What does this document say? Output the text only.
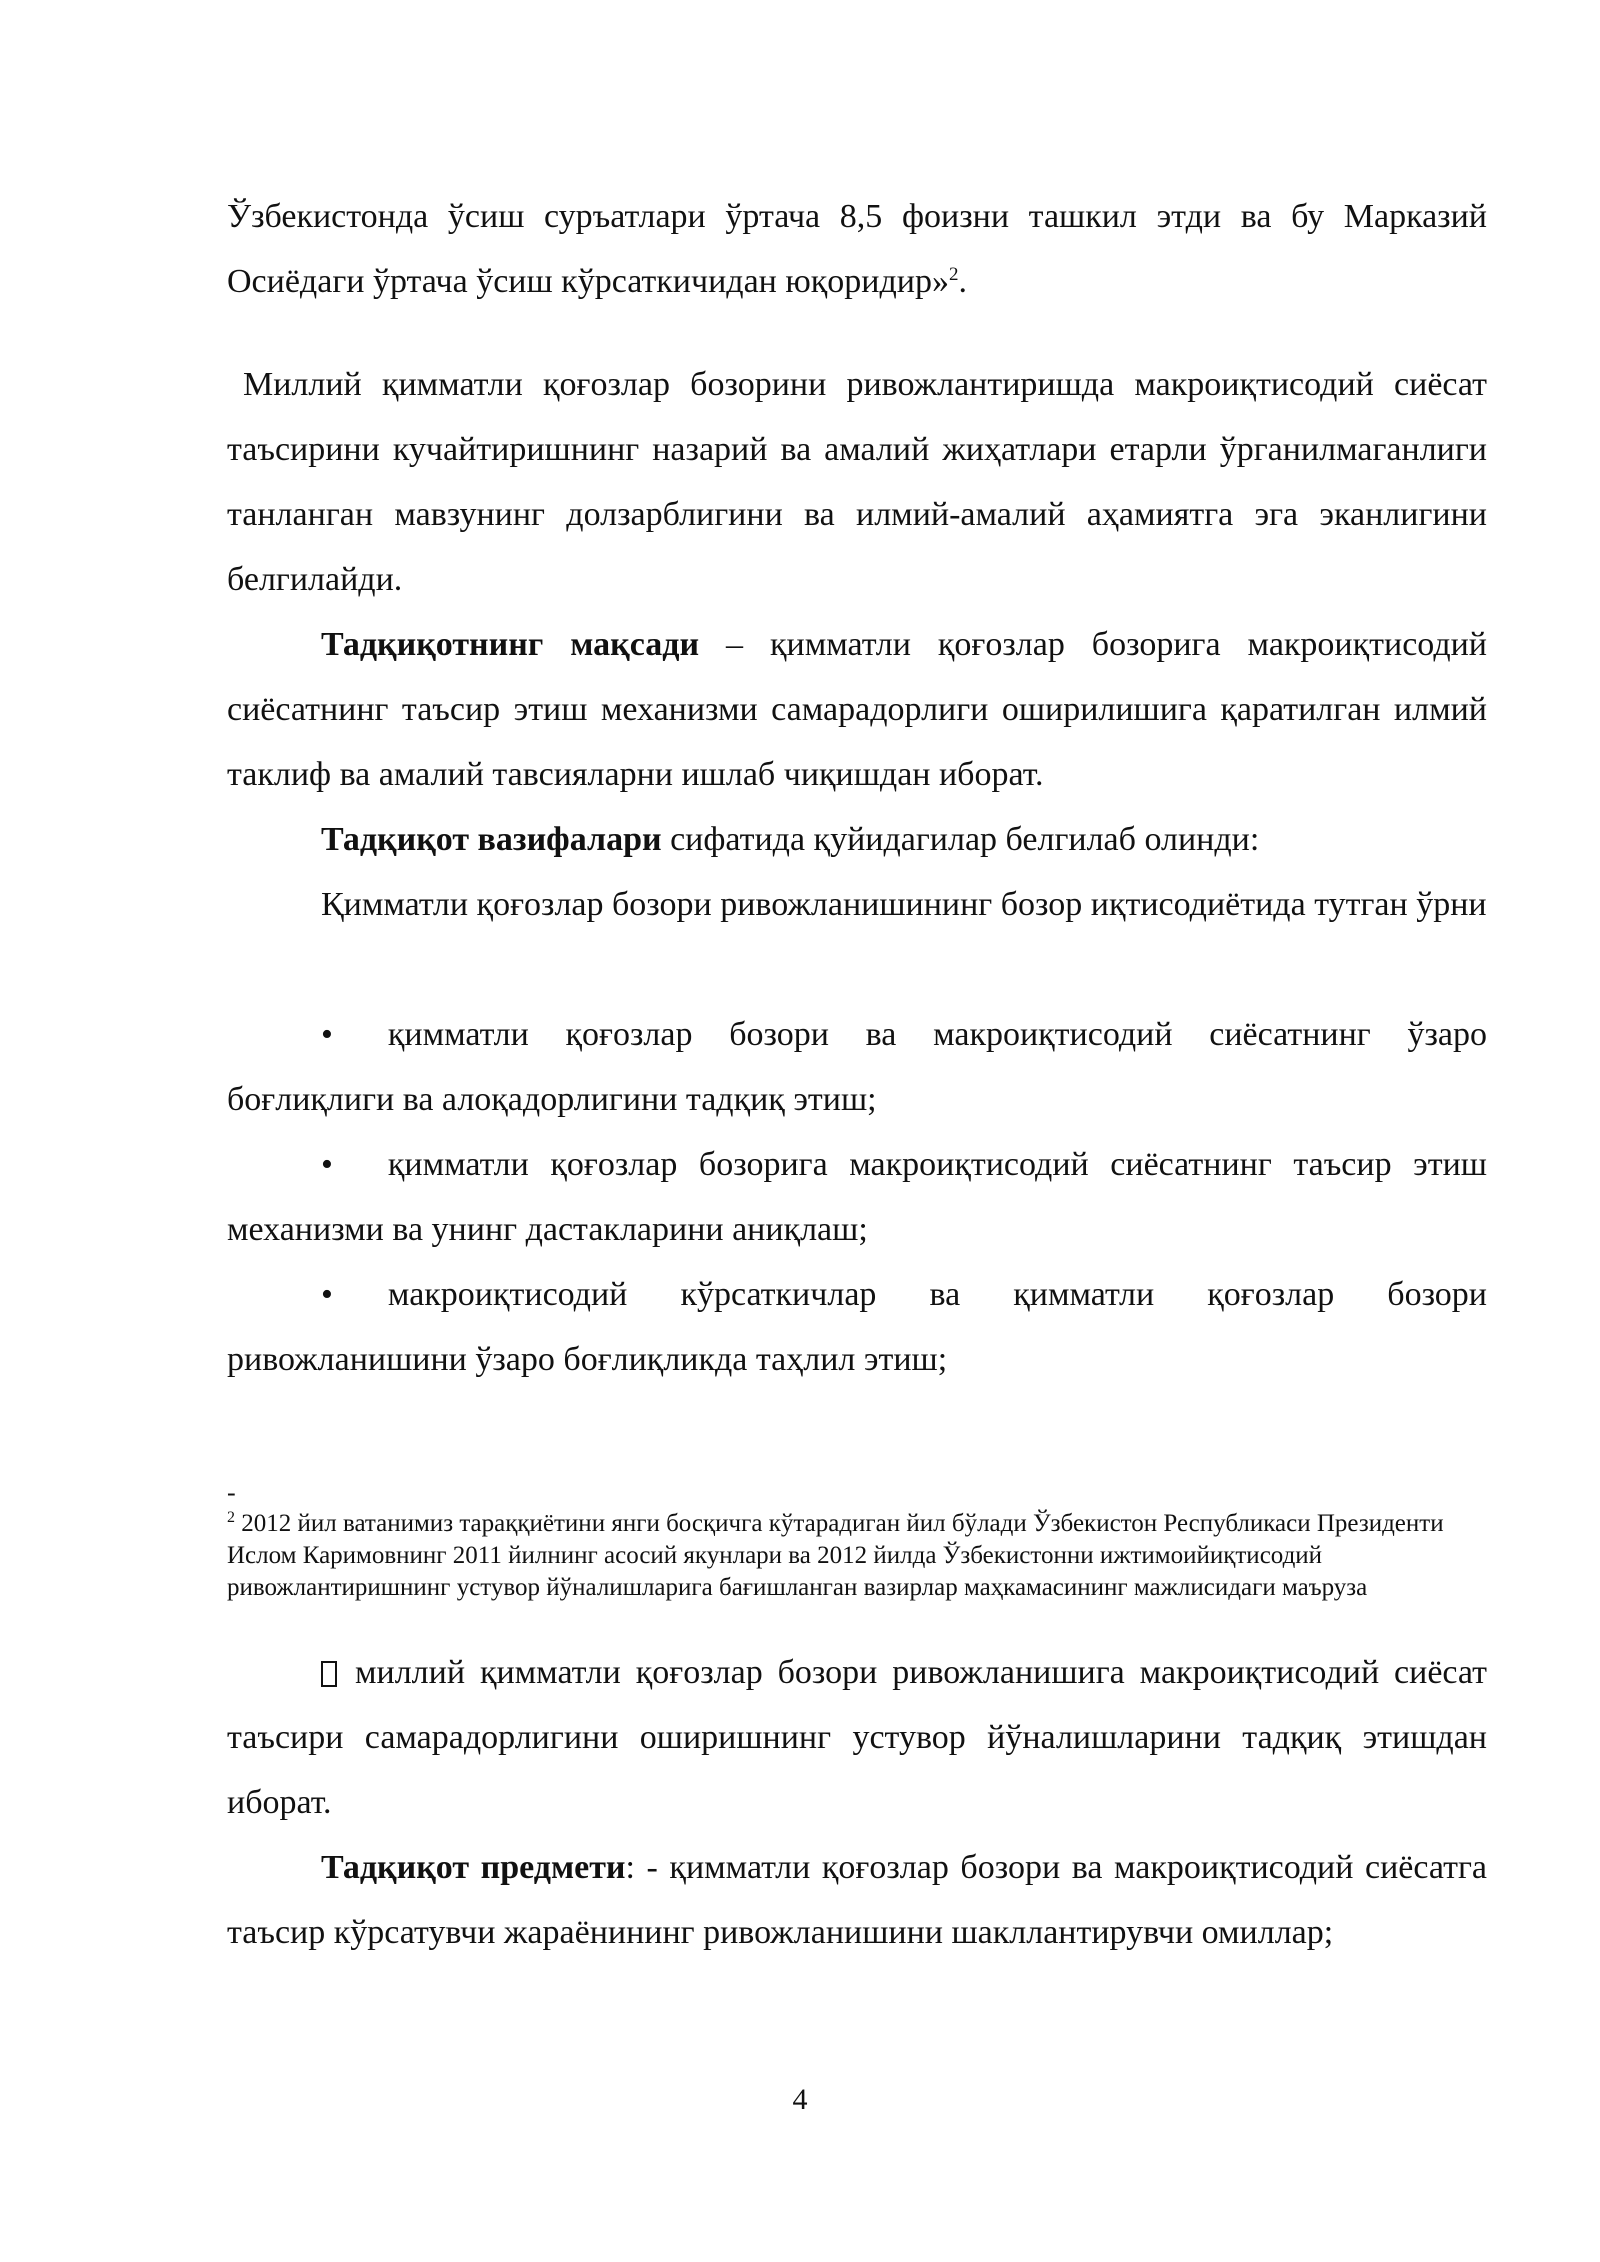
Ўзбекистонда ўсиш суръатлари ўртача 8,5 фоизни ташкил этди ва бу Марказий Осиёдаги ўртача ўсиш кўрсаткичидан юқоридир»$^2$.

Миллий қимматли қоғозлар бозорини ривожлантиришда макроиқтисодий сиёсат таъсирини кучайтиришнинг назарий ва амалий жиҳатлари етарли ўрганилмаганлиги танланган мавзунинг долзарблигини ва илмий-амалий аҳамиятга эга эканлигини белгилайди.

Тадқиқотнинг мақсади – қимматли қоғозлар бозорига макроиқтисодий сиёсатнинг таъсир этиш механизми самарадорлиги оширилишига қаратилган илмий таклиф ва амалий тавсияларни ишлаб чиқишдан иборат.

Тадқиқот вазифалари сифатида қуйидагилар белгилаб олинди:

Қимматли қоғозлар бозори ривожланишининг бозор иқтисодиётида тутган ўрни

• қимматли қоғозлар бозори ва макроиқтисодий сиёсатнинг ўзаро боғлиқлиги ва алоқадорлигини тадқиқ этиш;

• қимматли қоғозлар бозорига макроиқтисодий сиёсатнинг таъсир этиш механизми ва унинг дастакларини аниқлаш;

• макроиқтисодий кўрсаткичлар ва қимматли қоғозлар бозори ривожланишини ўзаро боғлиқликда таҳлил этиш;

-

$^2$ 2012 йил ватанимиз тараққиётини янги босқичга кўтарадиган йил бўлади Ўзбекистон Республикаси Президенти Ислом Каримовнинг 2011 йилнинг асосий якунлари ва 2012 йилда Ўзбекистонни ижтимоийиқтисодий ривожлантиришнинг устувор йўналишларига бағишланган вазирлар маҳкамасининг мажлисидаги маъруза

миллий қимматли қоғозлар бозори ривожланишига макроиқтисодий сиёсат таъсири самарадорлигини оширишнинг устувор йўналишларини тадқиқ этишдан иборат.

Тадқиқот предмети: - қимматли қоғозлар бозори ва макроиқтисодий сиёсатга таъсир кўрсатувчи жараёнининг ривожланишини шакллантирувчи омиллар;

4
